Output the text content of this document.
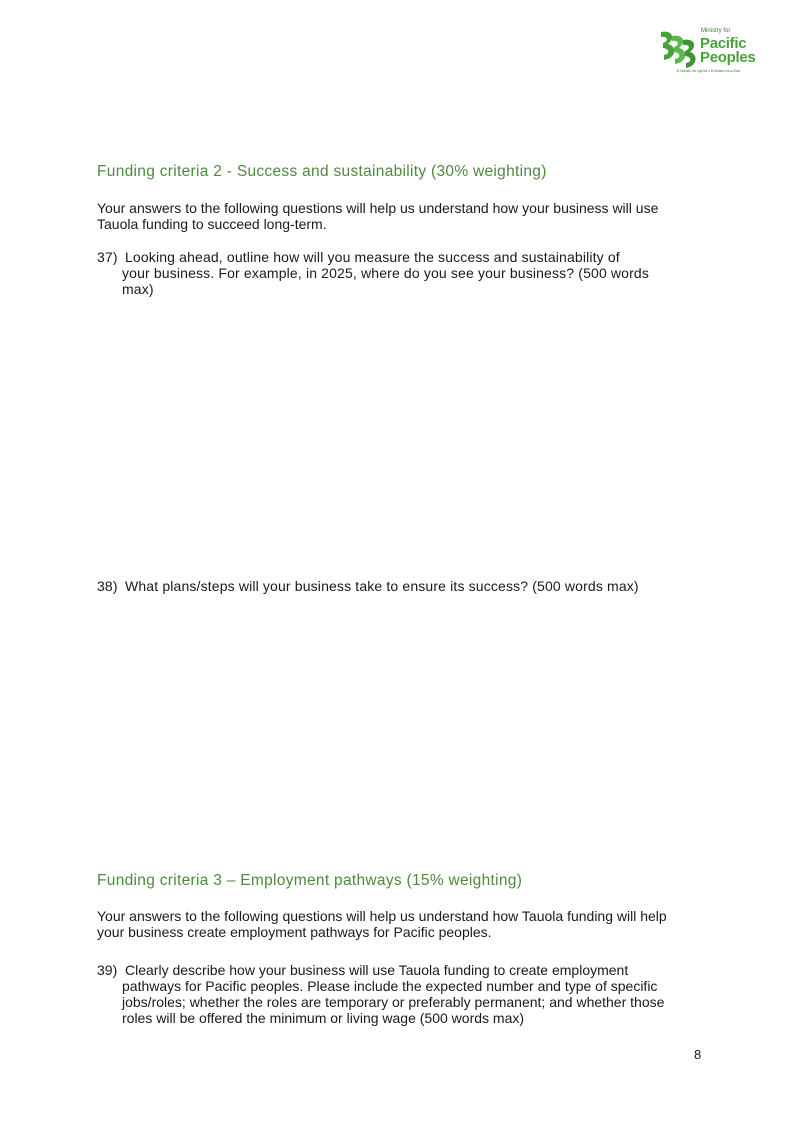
Ministry for
Pacific
Peoples
Te Manatū mō ngā Iwi o te Moana-nui-a-Kiwa
Funding criteria 2 - Success and sustainability (30% weighting)
Your answers to the following questions will help us understand how your business will use
Tauola funding to succeed long-term.
37) Looking ahead, outline how will you measure the success and sustainability of
your business. For example, in 2025, where do you see your business? (500 words
max)
38) What plans/steps will your business take to ensure its success? (500 words max)
Funding criteria 3 – Employment pathways (15% weighting)
Your answers to the following questions will help us understand how Tauola funding will help
your business create employment pathways for Pacific peoples.
39) Clearly describe how your business will use Tauola funding to create employment
pathways for Pacific peoples. Please include the expected number and type of specific
jobs/roles; whether the roles are temporary or preferably permanent; and whether those
roles will be offered the minimum or living wage (500 words max)
8
